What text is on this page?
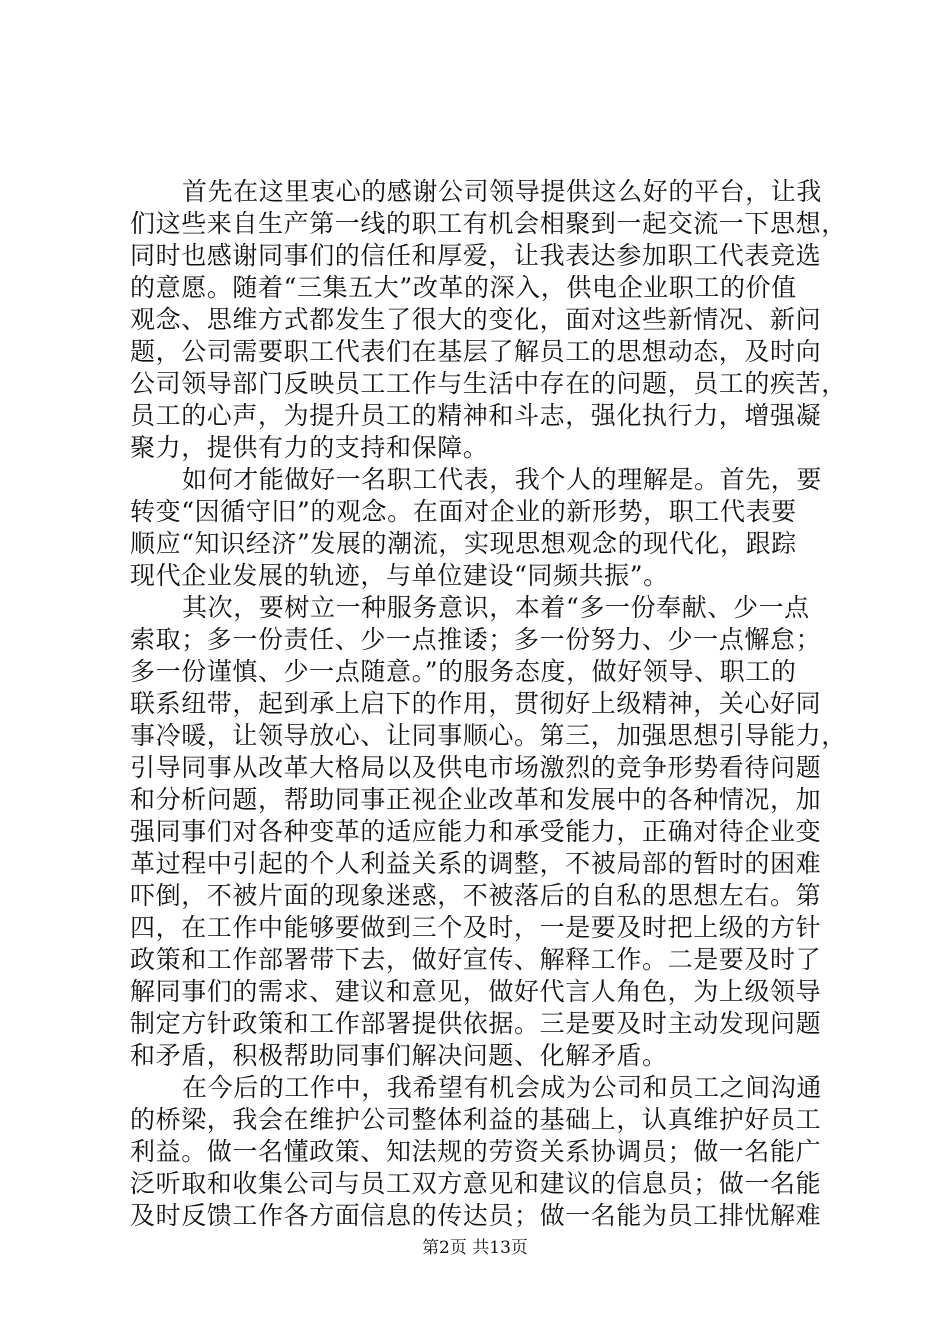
首先在这里衷心的感谢公司领导提供这么好的平台，让我
们这些来自生产第一线的职工有机会相聚到一起交流一下思想，
同时也感谢同事们的信任和厚爱，让我表达参加职工代表竞选
的意愿。随着“三集五大”改革的深入，供电企业职工的价值
观念、思维方式都发生了很大的变化，面对这些新情况、新问
题，公司需要职工代表们在基层了解员工的思想动态，及时向
公司领导部门反映员工工作与生活中存在的问题，员工的疾苦，
员工的心声，为提升员工的精神和斗志，强化执行力，增强凝
聚力，提供有力的支持和保障。
如何才能做好一名职工代表，我个人的理解是。首先，要
转变“因循守旧”的观念。在面对企业的新形势，职工代表要
顺应“知识经济”发展的潮流，实现思想观念的现代化，跟踪
现代企业发展的轨迹，与单位建设“同频共振”。
其次，要树立一种服务意识，本着“多一份奉献、少一点
索取；多一份责任、少一点推诿；多一份努力、少一点懈怠；
多一份谨慎、少一点随意。”的服务态度，做好领导、职工的
联系纽带，起到承上启下的作用，贯彻好上级精神，关心好同
事冷暖，让领导放心、让同事顺心。第三，加强思想引导能力，
引导同事从改革大格局以及供电市场激烈的竞争形势看待问题
和分析问题，帮助同事正视企业改革和发展中的各种情况，加
强同事们对各种变革的适应能力和承受能力，正确对待企业变
革过程中引起的个人利益关系的调整，不被局部的暂时的困难
吓倒，不被片面的现象迷惑，不被落后的自私的思想左右。第
四，在工作中能够要做到三个及时，一是要及时把上级的方针
政策和工作部署带下去，做好宣传、解释工作。二是要及时了
解同事们的需求、建议和意见，做好代言人角色，为上级领导
制定方针政策和工作部署提供依据。三是要及时主动发现问题
和矛盾，积极帮助同事们解决问题、化解矛盾。
在今后的工作中，我希望有机会成为公司和员工之间沟通
的桥梁，我会在维护公司整体利益的基础上，认真维护好员工
利益。做一名懂政策、知法规的劳资关系协调员；做一名能广
泛听取和收集公司与员工双方意见和建议的信息员；做一名能
及时反馈工作各方面信息的传达员；做一名能为员工排忧解难
第2页 共13页
